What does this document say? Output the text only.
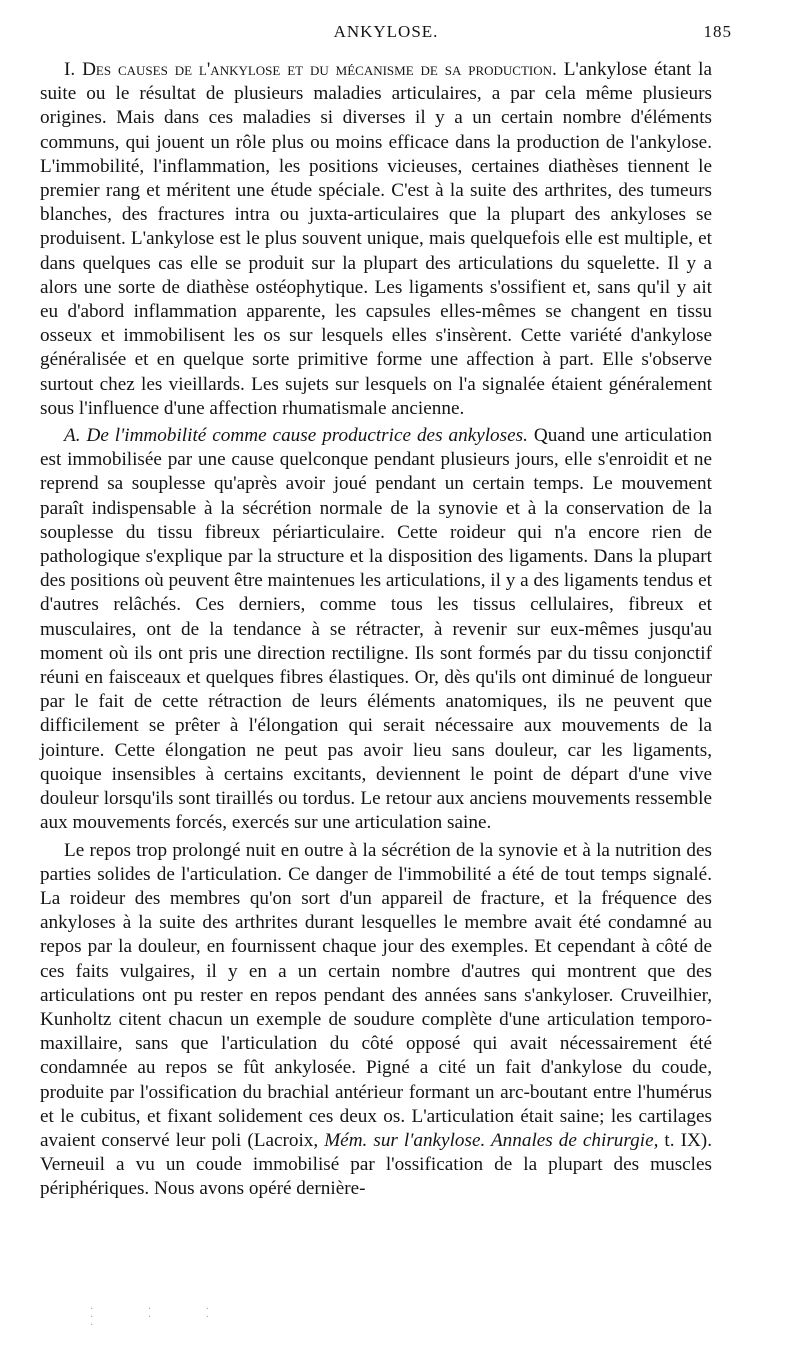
ANKYLOSE.	185

I. Des causes de l'ankylose et du mécanisme de sa production. L'ankylose étant la suite ou le résultat de plusieurs maladies articulaires, a par cela même plusieurs origines. Mais dans ces maladies si diverses il y a un certain nombre d'éléments communs, qui jouent un rôle plus ou moins efficace dans la production de l'ankylose. L'immobilité, l'inflammation, les positions vicieuses, certaines diathèses tiennent le premier rang et méritent une étude spéciale. C'est à la suite des arthrites, des tumeurs blanches, des fractures intra ou juxta-articulaires que la plupart des ankyloses se produisent. L'ankylose est le plus souvent unique, mais quelquefois elle est multiple, et dans quelques cas elle se produit sur la plupart des articulations du squelette. Il y a alors une sorte de diathèse ostéophytique. Les ligaments s'ossifient et, sans qu'il y ait eu d'abord inflammation apparente, les capsules elles-mêmes se changent en tissu osseux et immobilisent les os sur lesquels elles s'insèrent. Cette variété d'ankylose généralisée et en quelque sorte primitive forme une affection à part. Elle s'observe surtout chez les vieillards. Les sujets sur lesquels on l'a signalée étaient généralement sous l'influence d'une affection rhumatismale ancienne.

A. De l'immobilité comme cause productrice des ankyloses. Quand une articulation est immobilisée par une cause quelconque pendant plusieurs jours, elle s'enroidit et ne reprend sa souplesse qu'après avoir joué pendant un certain temps. Le mouvement paraît indispensable à la sécrétion normale de la synovie et à la conservation de la souplesse du tissu fibreux périarticulaire. Cette roideur qui n'a encore rien de pathologique s'explique par la structure et la disposition des ligaments. Dans la plupart des positions où peuvent être maintenues les articulations, il y a des ligaments tendus et d'autres relâchés. Ces derniers, comme tous les tissus cellulaires, fibreux et musculaires, ont de la tendance à se rétracter, à revenir sur eux-mêmes jusqu'au moment où ils ont pris une direction rectiligne. Ils sont formés par du tissu conjonctif réuni en faisceaux et quelques fibres élastiques. Or, dès qu'ils ont diminué de longueur par le fait de cette rétraction de leurs éléments anatomiques, ils ne peuvent que difficilement se prêter à l'élongation qui serait nécessaire aux mouvements de la jointure. Cette élongation ne peut pas avoir lieu sans douleur, car les ligaments, quoique insensibles à certains excitants, deviennent le point de départ d'une vive douleur lorsqu'ils sont tiraillés ou tordus. Le retour aux anciens mouvements ressemble aux mouvements forcés, exercés sur une articulation saine.

Le repos trop prolongé nuit en outre à la sécrétion de la synovie et à la nutrition des parties solides de l'articulation. Ce danger de l'immobilité a été de tout temps signalé. La roideur des membres qu'on sort d'un appareil de fracture, et la fréquence des ankyloses à la suite des arthrites durant lesquelles le membre avait été condamné au repos par la douleur, en fournissent chaque jour des exemples. Et cependant à côté de ces faits vulgaires, il y en a un certain nombre d'autres qui montrent que des articulations ont pu rester en repos pendant des années sans s'ankyloser. Cruveilhier, Kunholtz citent chacun un exemple de soudure complète d'une articulation temporo-maxillaire, sans que l'articulation du côté opposé qui avait nécessairement été condamnée au repos se fût ankylosée. Pigné a cité un fait d'ankylose du coude, produite par l'ossification du brachial antérieur formant un arc-boutant entre l'humérus et le cubitus, et fixant solidement ces deux os. L'articulation était saine; les cartilages avaient conservé leur poli (Lacroix, Mém. sur l'ankylose. Annales de chirurgie, t. IX). Verneuil a vu un coude immobilisé par l'ossification de la plupart des muscles périphériques. Nous avons opéré dernière-

· · · · · · ·
